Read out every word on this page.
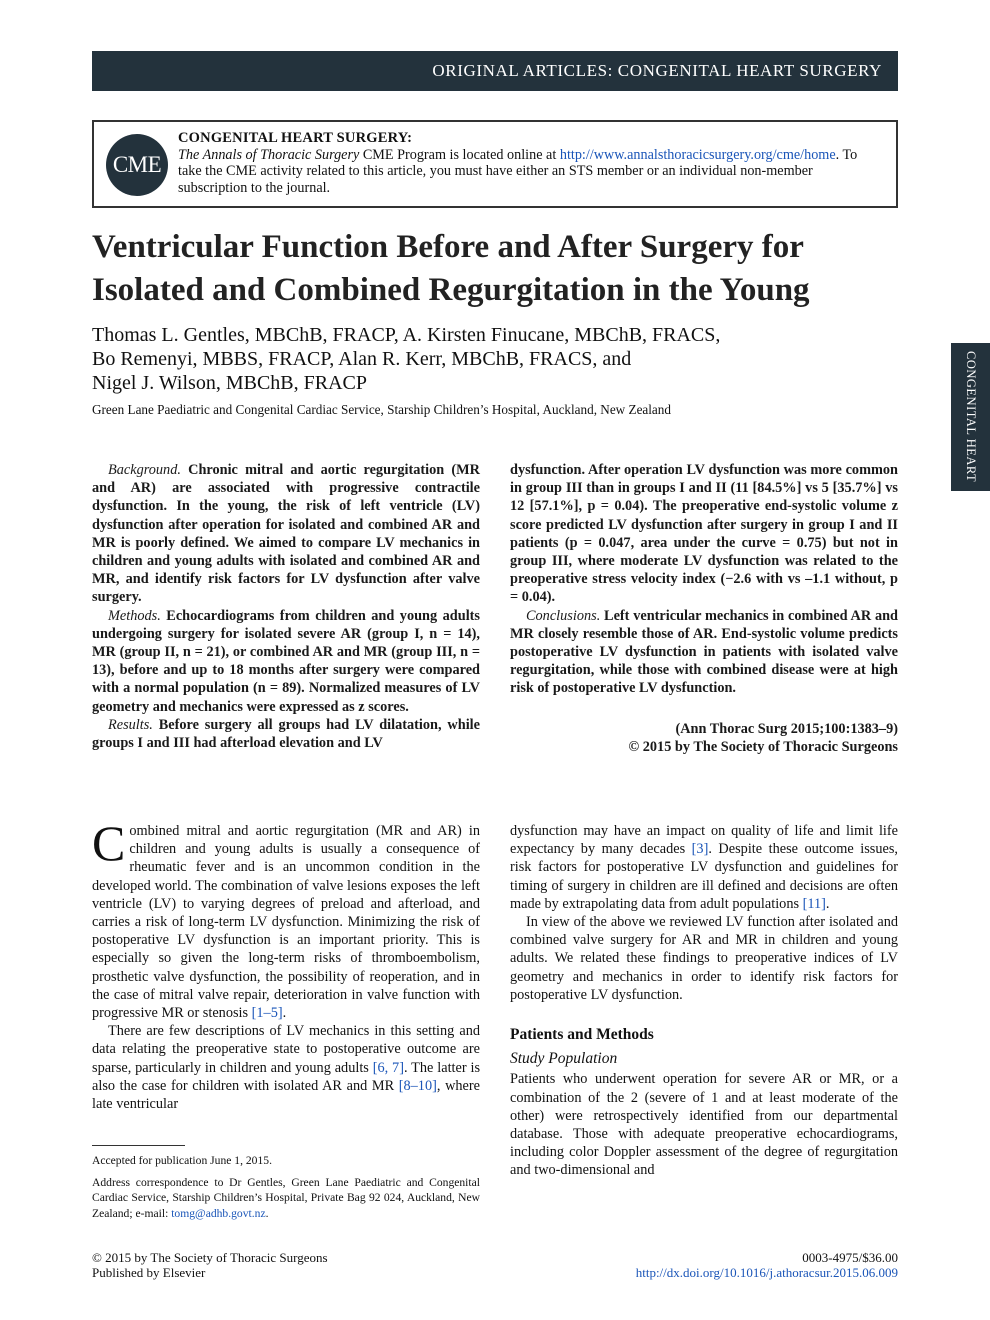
ORIGINAL ARTICLES: CONGENITAL HEART SURGERY
CME
CONGENITAL HEART SURGERY:
The Annals of Thoracic Surgery CME Program is located online at http://www.annalsthoracicsurgery.org/cme/home. To take the CME activity related to this article, you must have either an STS member or an individual non-member subscription to the journal.
Ventricular Function Before and After Surgery for Isolated and Combined Regurgitation in the Young
Thomas L. Gentles, MBChB, FRACP, A. Kirsten Finucane, MBChB, FRACS,
Bo Remenyi, MBBS, FRACP, Alan R. Kerr, MBChB, FRACS, and
Nigel J. Wilson, MBChB, FRACP
Green Lane Paediatric and Congenital Cardiac Service, Starship Children’s Hospital, Auckland, New Zealand	CONGENITAL HEART

Background. Chronic mitral and aortic regurgitation (MR and AR) are associated with progressive contractile dysfunction. In the young, the risk of left ventricle (LV) dysfunction after operation for isolated and combined AR and MR is poorly defined. We aimed to compare LV mechanics in children and young adults with isolated and combined AR and MR, and identify risk factors for LV dysfunction after valve surgery.

Methods. Echocardiograms from children and young adults undergoing surgery for isolated severe AR (group I, n = 14), MR (group II, n = 21), or combined AR and MR (group III, n = 13), before and up to 18 months after surgery were compared with a normal population (n = 89). Normalized measures of LV geometry and mechanics were expressed as z scores.

Results. Before surgery all groups had LV dilatation, while groups I and III had afterload elevation and LV

dysfunction. After operation LV dysfunction was more common in group III than in groups I and II (11 [84.5%] vs 5 [35.7%] vs 12 [57.1%], p = 0.04). The preoperative end-systolic volume z score predicted LV dysfunction after surgery in group I and II patients (p = 0.047, area under the curve = 0.75) but not in group III, where moderate LV dysfunction was related to the preoperative stress velocity index (−2.6 with vs –1.1 without, p = 0.04).

Conclusions. Left ventricular mechanics in combined AR and MR closely resemble those of AR. End-systolic volume predicts postoperative LV dysfunction in patients with isolated valve regurgitation, while those with combined disease were at high risk of postoperative LV dysfunction.

(Ann Thorac Surg 2015;100:1383–9)
© 2015 by The Society of Thoracic Surgeons

Combined mitral and aortic regurgitation (MR and AR) in children and young adults is usually a consequence of rheumatic fever and is an uncommon condition in the developed world. The combination of valve lesions exposes the left ventricle (LV) to varying degrees of preload and afterload, and carries a risk of long-term LV dysfunction. Minimizing the risk of postoperative LV dysfunction is an important priority. This is especially so given the long-term risks of thromboembolism, prosthetic valve dysfunction, the possibility of reoperation, and in the case of mitral valve repair, deterioration in valve function with progressive MR or stenosis [1–5].

There are few descriptions of LV mechanics in this setting and data relating the preoperative state to postoperative outcome are sparse, particularly in children and young adults [6, 7]. The latter is also the case for children with isolated AR and MR [8–10], where late ventricular

dysfunction may have an impact on quality of life and limit life expectancy by many decades [3]. Despite these outcome issues, risk factors for postoperative LV dysfunction and guidelines for timing of surgery in children are ill defined and decisions are often made by extrapolating data from adult populations [11].

In view of the above we reviewed LV function after isolated and combined valve surgery for AR and MR in children and young adults. We related these findings to preoperative indices of LV geometry and mechanics in order to identify risk factors for postoperative LV dysfunction.

Patients and Methods
Study Population

Patients who underwent operation for severe AR or MR, or a combination of the 2 (severe of 1 and at least moderate of the other) were retrospectively identified from our departmental database. Those with adequate preoperative echocardiograms, including color Doppler assessment of the degree of regurgitation and two-dimensional and

Accepted for publication June 1, 2015.

Address correspondence to Dr Gentles, Green Lane Paediatric and Congenital Cardiac Service, Starship Children’s Hospital, Private Bag 92 024, Auckland, New Zealand; e-mail: tomg@adhb.govt.nz.

© 2015 by The Society of Thoracic Surgeons
Published by Elsevier
0003-4975/$36.00
http://dx.doi.org/10.1016/j.athoracsur.2015.06.009
